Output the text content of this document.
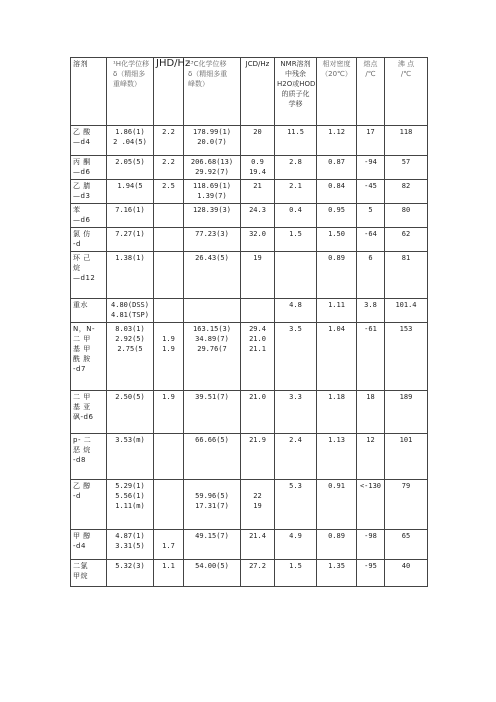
溶剂	¹H化学位移
δ（精细多
重峰数）	JHD/Hz	¹³C化学位移
δ（精细多重
峰数）	JCD/Hz	NMR溶剂
中残余
H2O或HOD
的质子化
学移	相对密度
（20℃）	熔点
/℃	沸 点
/℃

乙 酸
—d4	1.86(1)
2 .04(5)	2.2	178.99(1)
20.0(7)	20	11.5	1.12	17	118

丙 酮
—d6	2.05(5)	2.2	206.68(13)
29.92(7)	0.9
19.4	2.8	0.87	-94	57

乙 腈
—d3	1.94(5	2.5	118.69(1)
1.39(7)	21	2.1	0.84	-45	82

苯
—d6	7.16(1)		128.39(3)	24.3	0.4	0.95	5	80

氯 仿
-d	7.27(1)		77.23(3)	32.0	1.5	1.50	-64	62

环 己
烷
—d12	1.38(1)		26.43(5)	19		0.89	6	81

重水	4.80(DSS)
4.81(TSP)				4.8	1.11	3.8	101.4

N，N-
二 甲
基 甲
酰 胺
-d7	8.03(1)
2.92(5)
2.75(5	1.9
1.9	163.15(3)
34.89(7)
29.76(7	29.4
21.0
21.1	3.5	1.04	-61	153

二 甲
基 亚
砜-d6	2.50(5)	1.9	39.51(7)	21.0	3.3	1.18	18	189

p- 二
恶 烷
-d8	3.53(m)		66.66(5)	21.9	2.4	1.13	12	101

乙 醇
-d	5.29(1)
5.56(1)
1.11(m)		59.96(5)
17.31(7)	22
19	5.3	0.91	<-130	79

甲 醇
-d4	4.87(1)
3.31(5)	1.7	49.15(7)	21.4	4.9	0.89	-98	65

二氯
甲烷	5.32(3)	1.1	54.00(5)	27.2	1.5	1.35	-95	40
